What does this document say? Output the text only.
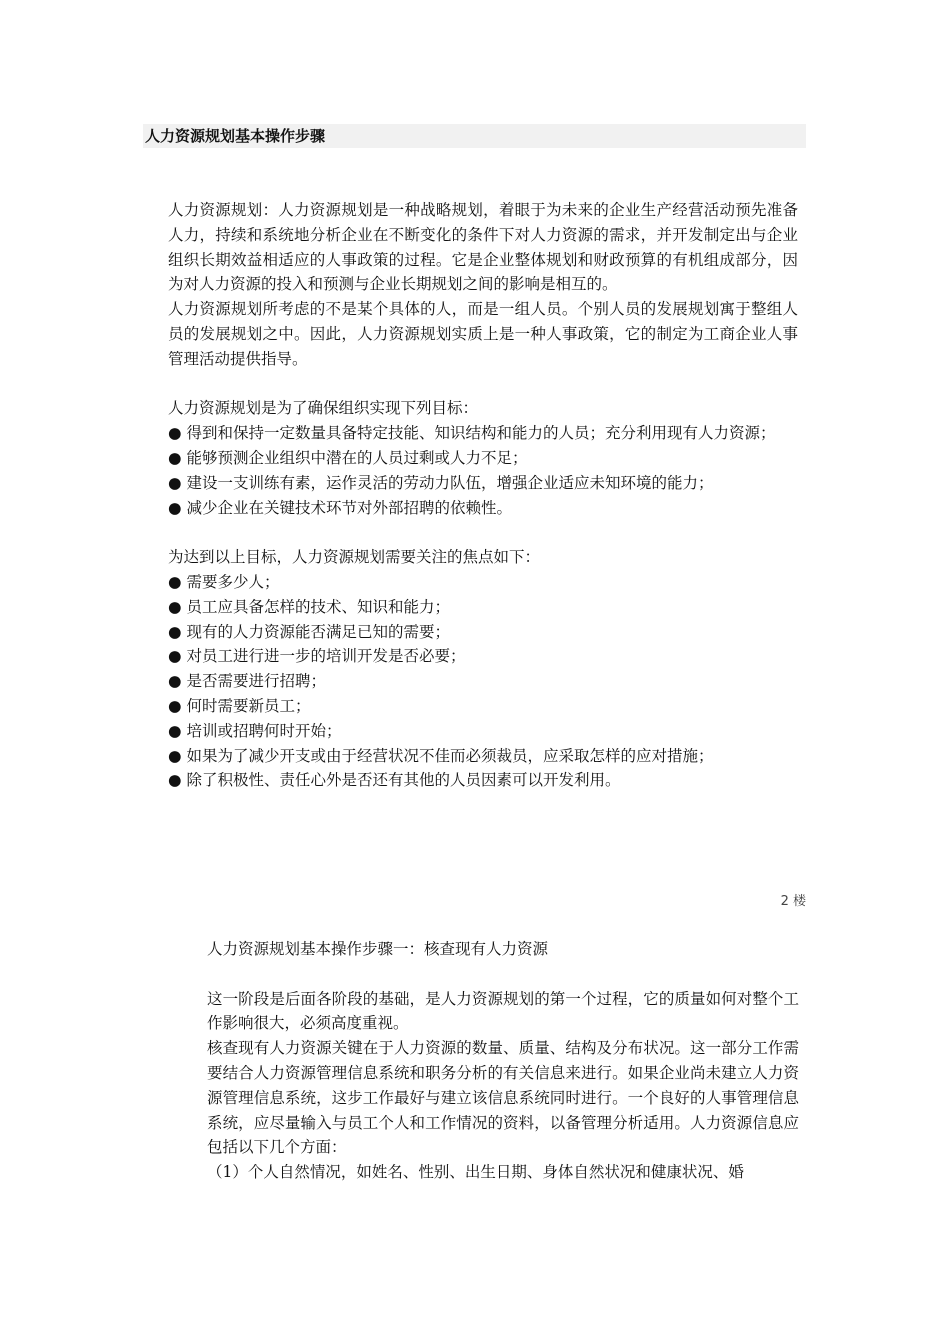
人力资源规划基本操作步骤

人力资源规划：人力资源规划是一种战略规划，着眼于为未来的企业生产经营活动预先准备人力，持续和系统地分析企业在不断变化的条件下对人力资源的需求，并开发制定出与企业组织长期效益相适应的人事政策的过程。它是企业整体规划和财政预算的有机组成部分，因为对人力资源的投入和预测与企业长期规划之间的影响是相互的。

人力资源规划所考虑的不是某个具体的人，而是一组人员。个别人员的发展规划寓于整组人员的发展规划之中。因此，人力资源规划实质上是一种人事政策，它的制定为工商企业人事管理活动提供指导。

人力资源规划是为了确保组织实现下列目标：

● 得到和保持一定数量具备特定技能、知识结构和能力的人员；充分利用现有人力资源；

● 能够预测企业组织中潜在的人员过剩或人力不足；

● 建设一支训练有素，运作灵活的劳动力队伍，增强企业适应未知环境的能力；

● 减少企业在关键技术环节对外部招聘的依赖性。

为达到以上目标，人力资源规划需要关注的焦点如下：

● 需要多少人；

● 员工应具备怎样的技术、知识和能力；

● 现有的人力资源能否满足已知的需要；

● 对员工进行进一步的培训开发是否必要；

● 是否需要进行招聘；

● 何时需要新员工；

● 培训或招聘何时开始；

● 如果为了减少开支或由于经营状况不佳而必须裁员，应采取怎样的应对措施；

● 除了积极性、责任心外是否还有其他的人员因素可以开发利用。

2 楼

人力资源规划基本操作步骤一：核查现有人力资源

这一阶段是后面各阶段的基础，是人力资源规划的第一个过程，它的质量如何对整个工作影响很大，必须高度重视。

核查现有人力资源关键在于人力资源的数量、质量、结构及分布状况。这一部分工作需要结合人力资源管理信息系统和职务分析的有关信息来进行。如果企业尚未建立人力资源管理信息系统，这步工作最好与建立该信息系统同时进行。一个良好的人事管理信息系统，应尽量输入与员工个人和工作情况的资料，以备管理分析适用。人力资源信息应包括以下几个方面：

（1）个人自然情况，如姓名、性别、出生日期、身体自然状况和健康状况、婚
